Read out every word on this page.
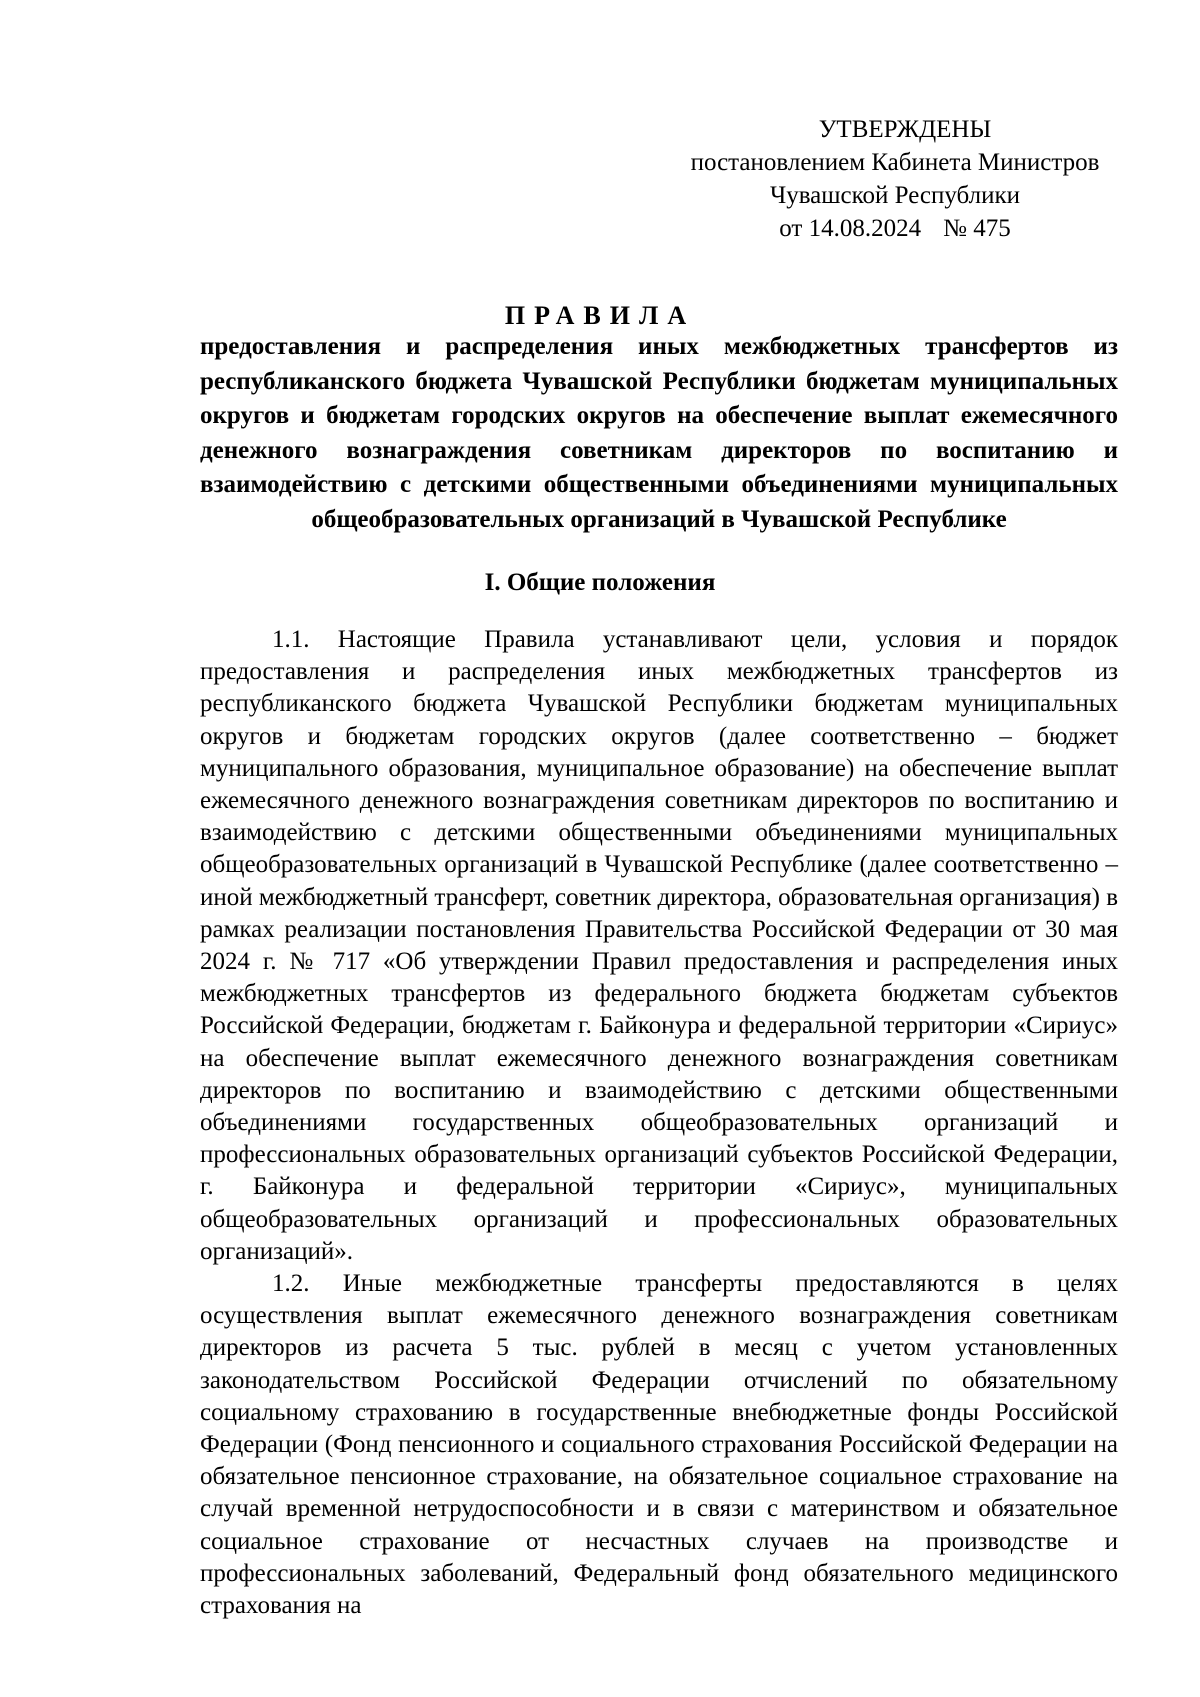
УТВЕРЖДЕНЫ
постановлением Кабинета Министров
Чувашской Республики
от 14.08.2024 № 475
ПРАВИЛА
предоставления и распределения иных межбюджетных трансфертов из республиканского бюджета Чувашской Республики бюджетам муниципальных округов и бюджетам городских округов на обеспечение выплат ежемесячного денежного вознаграждения советникам директоров по воспитанию и взаимодействию с детскими общественными объединениями муниципальных общеобразовательных организаций в Чувашской Республике
I. Общие положения

1.1. Настоящие Правила устанавливают цели, условия и порядок предоставления и распределения иных межбюджетных трансфертов из республиканского бюджета Чувашской Республики бюджетам муниципальных округов и бюджетам городских округов (далее соответственно – бюджет муниципального образования, муниципальное образование) на обеспечение выплат ежемесячного денежного вознаграждения советникам директоров по воспитанию и взаимодействию с детскими общественными объединениями муниципальных общеобразовательных организаций в Чувашской Республике (далее соответственно – иной межбюджетный трансферт, советник директора, образовательная организация) в рамках реализации постановления Правительства Российской Федерации от 30 мая 2024 г. № 717 «Об утверждении Правил предоставления и распределения иных межбюджетных трансфертов из федерального бюджета бюджетам субъектов Российской Федерации, бюджетам г. Байконура и федеральной территории «Сириус» на обеспечение выплат ежемесячного денежного вознаграждения советникам директоров по воспитанию и взаимодействию с детскими общественными объединениями государственных общеобразовательных организаций и профессиональных образовательных организаций субъектов Российской Федерации, г. Байконура и федеральной территории «Сириус», муниципальных общеобразовательных организаций и профессиональных образовательных организаций».

1.2. Иные межбюджетные трансферты предоставляются в целях осуществления выплат ежемесячного денежного вознаграждения советникам директоров из расчета 5 тыс. рублей в месяц с учетом установленных законодательством Российской Федерации отчислений по обязательному социальному страхованию в государственные внебюджетные фонды Российской Федерации (Фонд пенсионного и социального страхования Российской Федерации на обязательное пенсионное страхование, на обязательное социальное страхование на случай временной нетрудоспособности и в связи с материнством и обязательное социальное страхование от несчастных случаев на производстве и профессиональных заболеваний, Федеральный фонд обязательного медицинского страхования на
